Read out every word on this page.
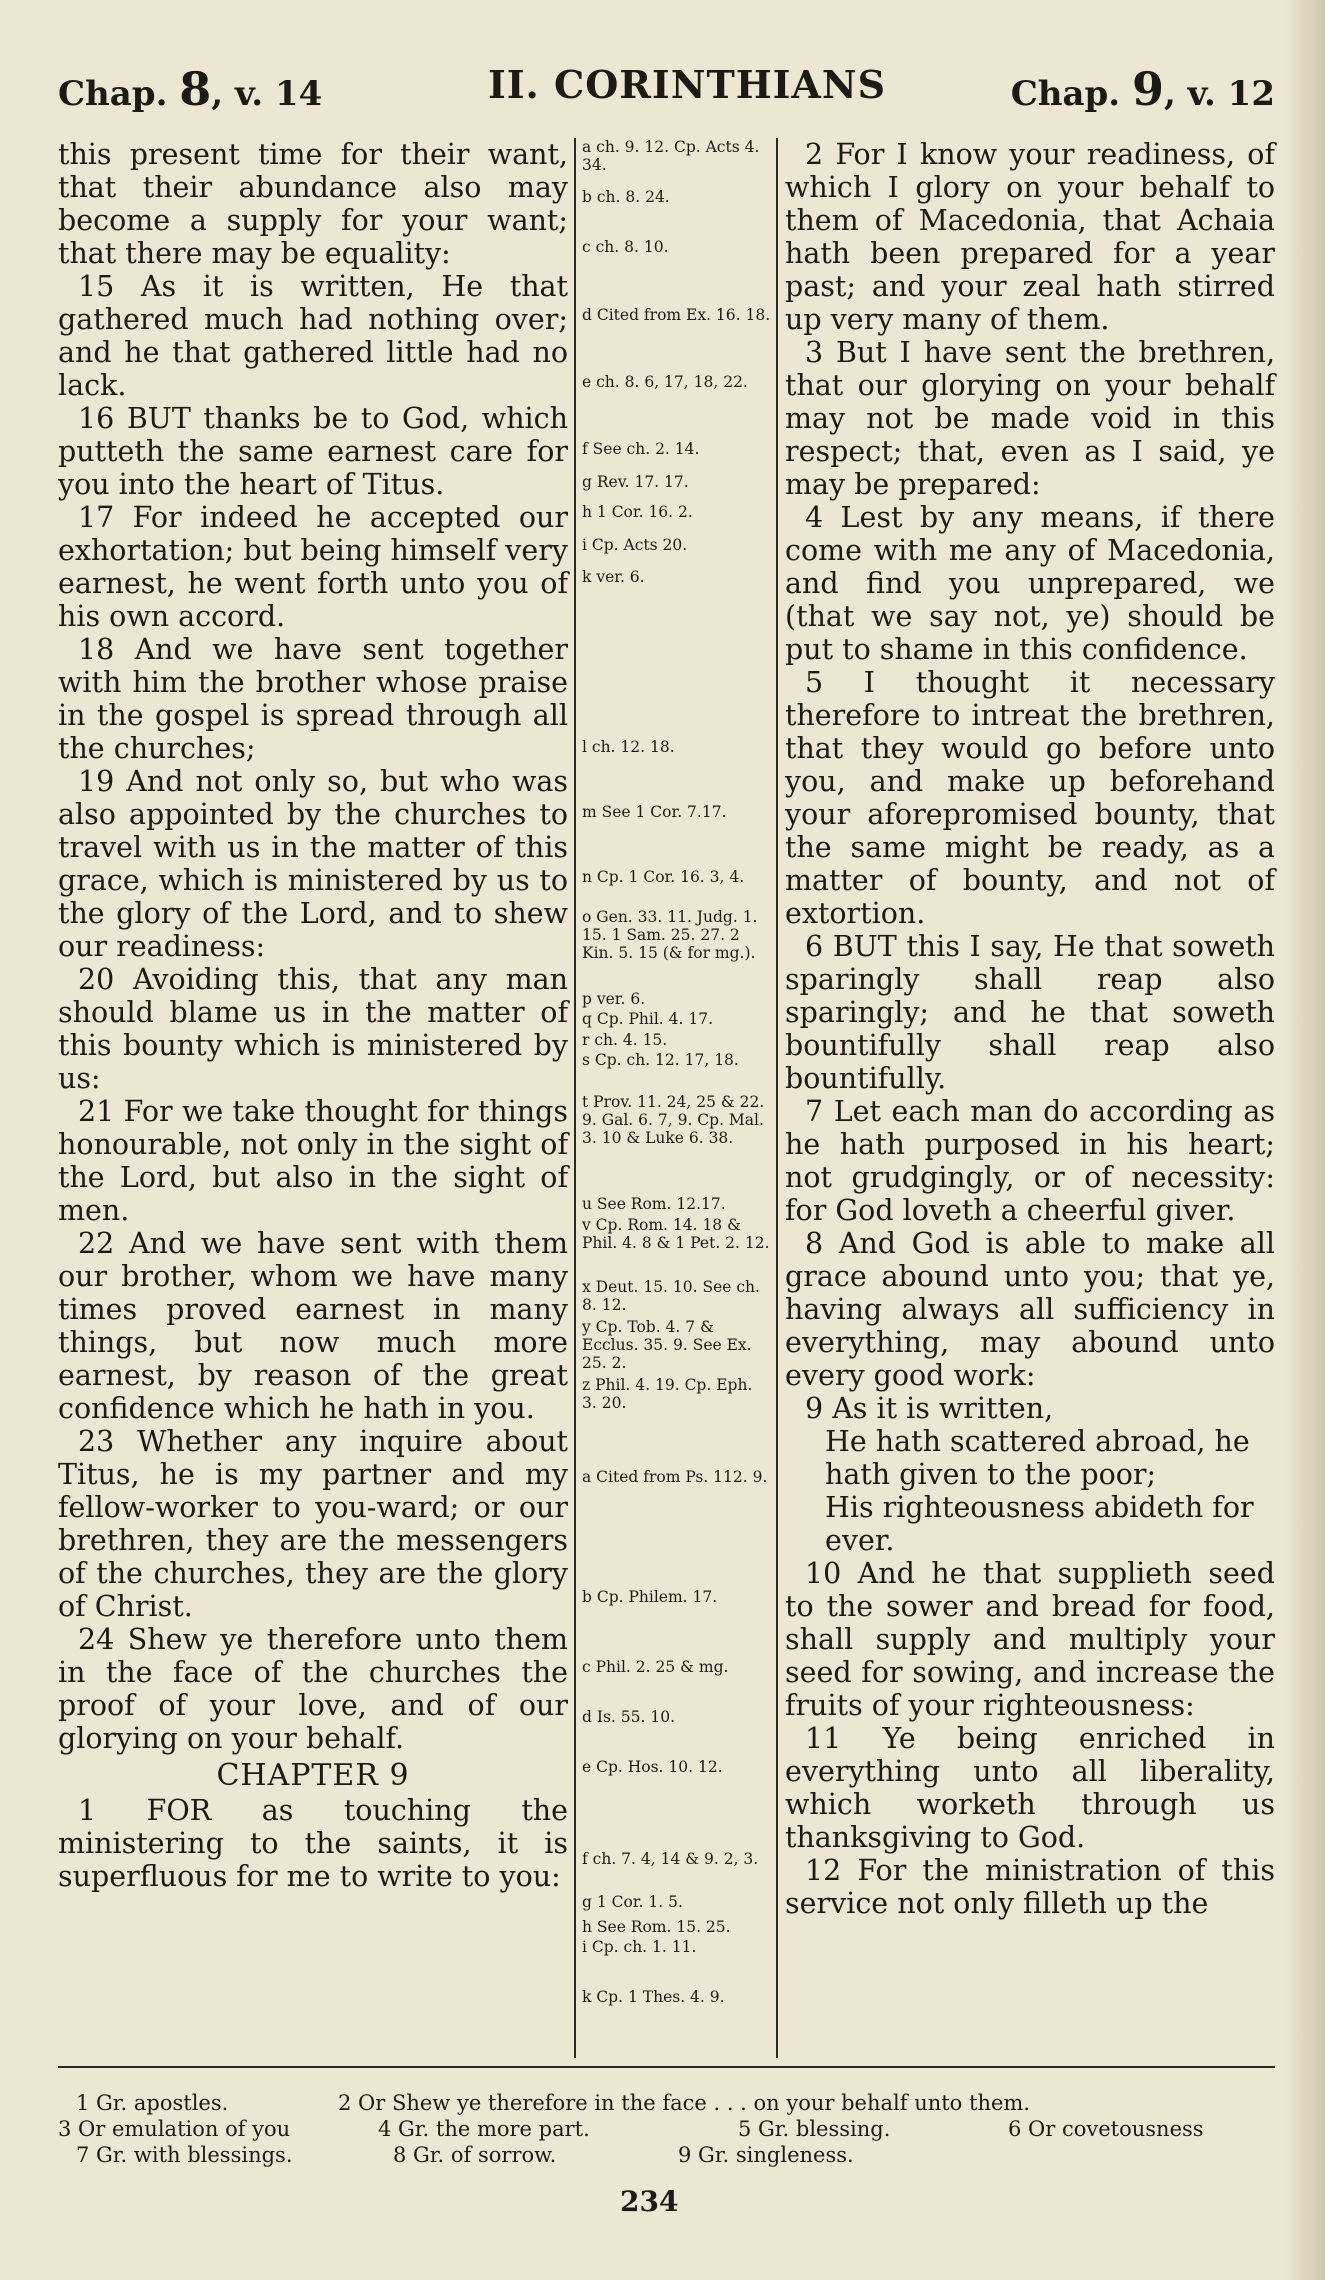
Chap. 8, v. 14	II. CORINTHIANS	Chap. 9, v. 12

this present time for their want, that their abundance also may become a supply for your want; that there may be equality:

15 As it is written, He that gathered much had nothing over; and he that gathered little had no lack.

16 BUT thanks be to God, which putteth the same earnest care for you into the heart of Titus.

17 For indeed he accepted our exhortation; but being himself very earnest, he went forth unto you of his own accord.

18 And we have sent together with him the brother whose praise in the gospel is spread through all the churches;

19 And not only so, but who was also appointed by the churches to travel with us in the matter of this grace, which is ministered by us to the glory of the Lord, and to shew our readiness:

20 Avoiding this, that any man should blame us in the matter of this bounty which is ministered by us:

21 For we take thought for things honourable, not only in the sight of the Lord, but also in the sight of men.

22 And we have sent with them our brother, whom we have many times proved earnest in many things, but now much more earnest, by reason of the great confidence which he hath in you.

23 Whether any inquire about Titus, he is my partner and my fellow-worker to you-ward; or our brethren, they are the messengers of the churches, they are the glory of Christ.

24 Shew ye therefore unto them in the face of the churches the proof of your love, and of our glorying on your behalf.

CHAPTER 9

1 FOR as touching the ministering to the saints, it is superfluous for me to write to you:

a ch. 9. 12. Cp. Acts 4. 34.
b ch. 8. 24.
c ch. 8. 10.
d Cited from Ex. 16. 18.
e ch. 8. 6, 17, 18, 22.
f See ch. 2. 14.
g Rev. 17. 17.
h 1 Cor. 16. 2.
i Cp. Acts 20.
k ver. 6.
l ch. 12. 18.
m See 1 Cor. 7.17.
n Cp. 1 Cor. 16. 3, 4.
o Gen. 33. 11. Judg. 1. 15. 1 Sam. 25. 27. 2 Kin. 5. 15 (& for mg.).
p ver. 6.
q Cp. Phil. 4. 17.
r ch. 4. 15.
s Cp. ch. 12. 17, 18.
t Prov. 11. 24, 25 & 22. 9. Gal. 6. 7, 9. Cp. Mal. 3. 10 & Luke 6. 38.
u See Rom. 12.17.
v Cp. Rom. 14. 18 & Phil. 4. 8 & 1 Pet. 2. 12.
x Deut. 15. 10. See ch. 8. 12.
y Cp. Tob. 4. 7 & Ecclus. 35. 9. See Ex. 25. 2.
z Phil. 4. 19. Cp. Eph. 3. 20.
a Cited from Ps. 112. 9.
b Cp. Philem. 17.
c Phil. 2. 25 & mg.
d Is. 55. 10.
e Cp. Hos. 10. 12.
f ch. 7. 4, 14 & 9. 2, 3.
g 1 Cor. 1. 5.
h See Rom. 15. 25.
i Cp. ch. 1. 11.
k Cp. 1 Thes. 4. 9.

2 For I know your readiness, of which I glory on your behalf to them of Macedonia, that Achaia hath been prepared for a year past; and your zeal hath stirred up very many of them.

3 But I have sent the brethren, that our glorying on your behalf may not be made void in this respect; that, even as I said, ye may be prepared:

4 Lest by any means, if there come with me any of Macedonia, and find you unprepared, we (that we say not, ye) should be put to shame in this confidence.

5 I thought it necessary therefore to intreat the brethren, that they would go before unto you, and make up beforehand your aforepromised bounty, that the same might be ready, as a matter of bounty, and not of extortion.

6 BUT this I say, He that soweth sparingly shall reap also sparingly; and he that soweth bountifully shall reap also bountifully.

7 Let each man do according as he hath purposed in his heart; not grudgingly, or of necessity: for God loveth a cheerful giver.

8 And God is able to make all grace abound unto you; that ye, having always all sufficiency in everything, may abound unto every good work:

9 As it is written,

He hath scattered abroad, he hath given to the poor;

His righteousness abideth for ever.

10 And he that supplieth seed to the sower and bread for food, shall supply and multiply your seed for sowing, and increase the fruits of your righteousness:

11 Ye being enriched in everything unto all liberality, which worketh through us thanksgiving to God.

12 For the ministration of this service not only filleth up the

1 Gr. apostles.	2 Or Shew ye therefore in the face . . . on your behalf unto them.
3 Or emulation of you	4 Gr. the more part.	5 Gr. blessing.	6 Or covetousness
7 Gr. with blessings.	8 Gr. of sorrow.	9 Gr. singleness.
234
